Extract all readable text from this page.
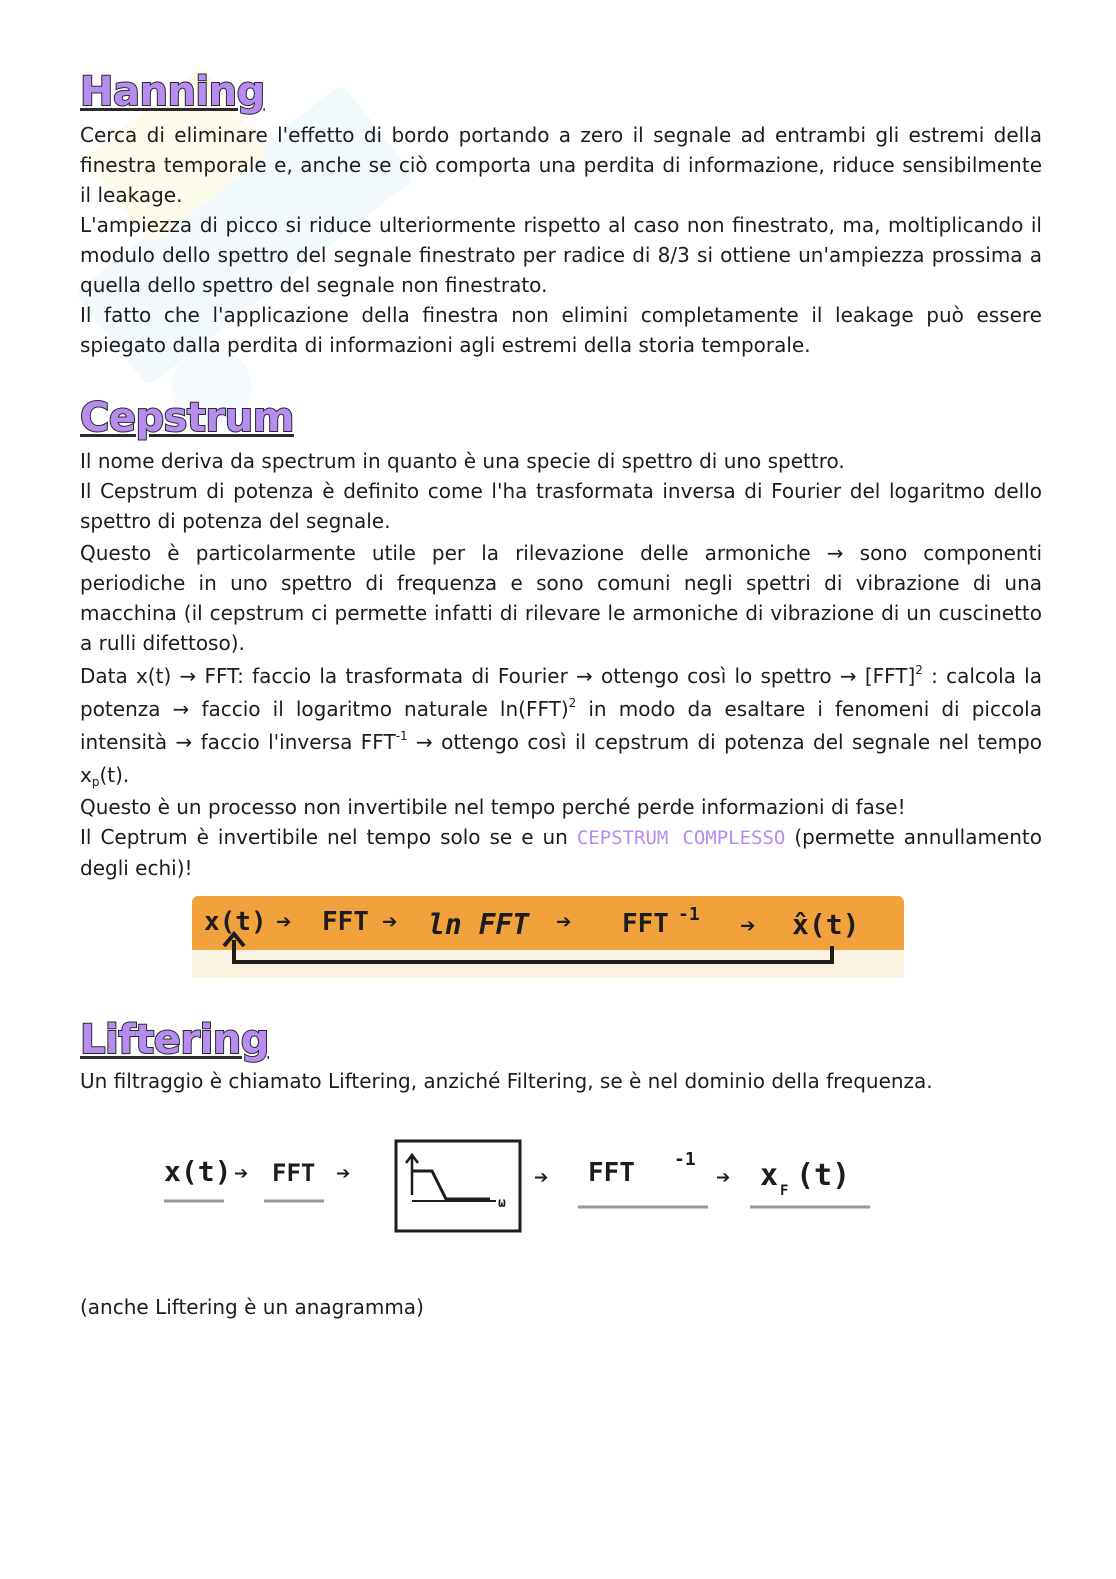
Hanning

Cerca di eliminare l'effetto di bordo portando a zero il segnale ad entrambi gli estremi della finestra temporale e, anche se ciò comporta una perdita di informazione, riduce sensibilmente il leakage.

L'ampiezza di picco si riduce ulteriormente rispetto al caso non finestrato, ma, moltiplicando il modulo dello spettro del segnale finestrato per radice di 8/3 si ottiene un'ampiezza prossima a quella dello spettro del segnale non finestrato.

Il fatto che l'applicazione della finestra non elimini completamente il leakage può essere spiegato dalla perdita di informazioni agli estremi della storia temporale.

Cepstrum

Il nome deriva da spectrum in quanto è una specie di spettro di uno spettro.

Il Cepstrum di potenza è definito come l'ha trasformata inversa di Fourier del logaritmo dello spettro di potenza del segnale.

Questo è particolarmente utile per la rilevazione delle armoniche → sono componenti periodiche in uno spettro di frequenza e sono comuni negli spettri di vibrazione di una macchina (il cepstrum ci permette infatti di rilevare le armoniche di vibrazione di un cuscinetto a rulli difettoso).

Data x(t) → FFT: faccio la trasformata di Fourier → ottengo così lo spettro → [FFT]$^2$ : calcola la potenza → faccio il logaritmo naturale ln(FFT)$^2$ in modo da esaltare i fenomeni di piccola intensità → faccio l'inversa $FFT^{-1}$ → ottengo così il cepstrum di potenza del segnale nel tempo $x_p(t)$.

Questo è un processo non invertibile nel tempo perché perde informazioni di fase!

Il Ceptrum è invertibile nel tempo solo se e un CEPSTRUM COMPLESSO (permette annullamento degli echi)!

x(t) ➔ FFT ➔ ln FFT ➔ FFT -1 ➔ x̂(t)
Liftering

Un filtraggio è chiamato Liftering, anziché Filtering, se è nel dominio della frequenza.

x(t) ➔ FFT ➔
ω
➔ FFT -1
➔ x F (t)

(anche Liftering è un anagramma)
